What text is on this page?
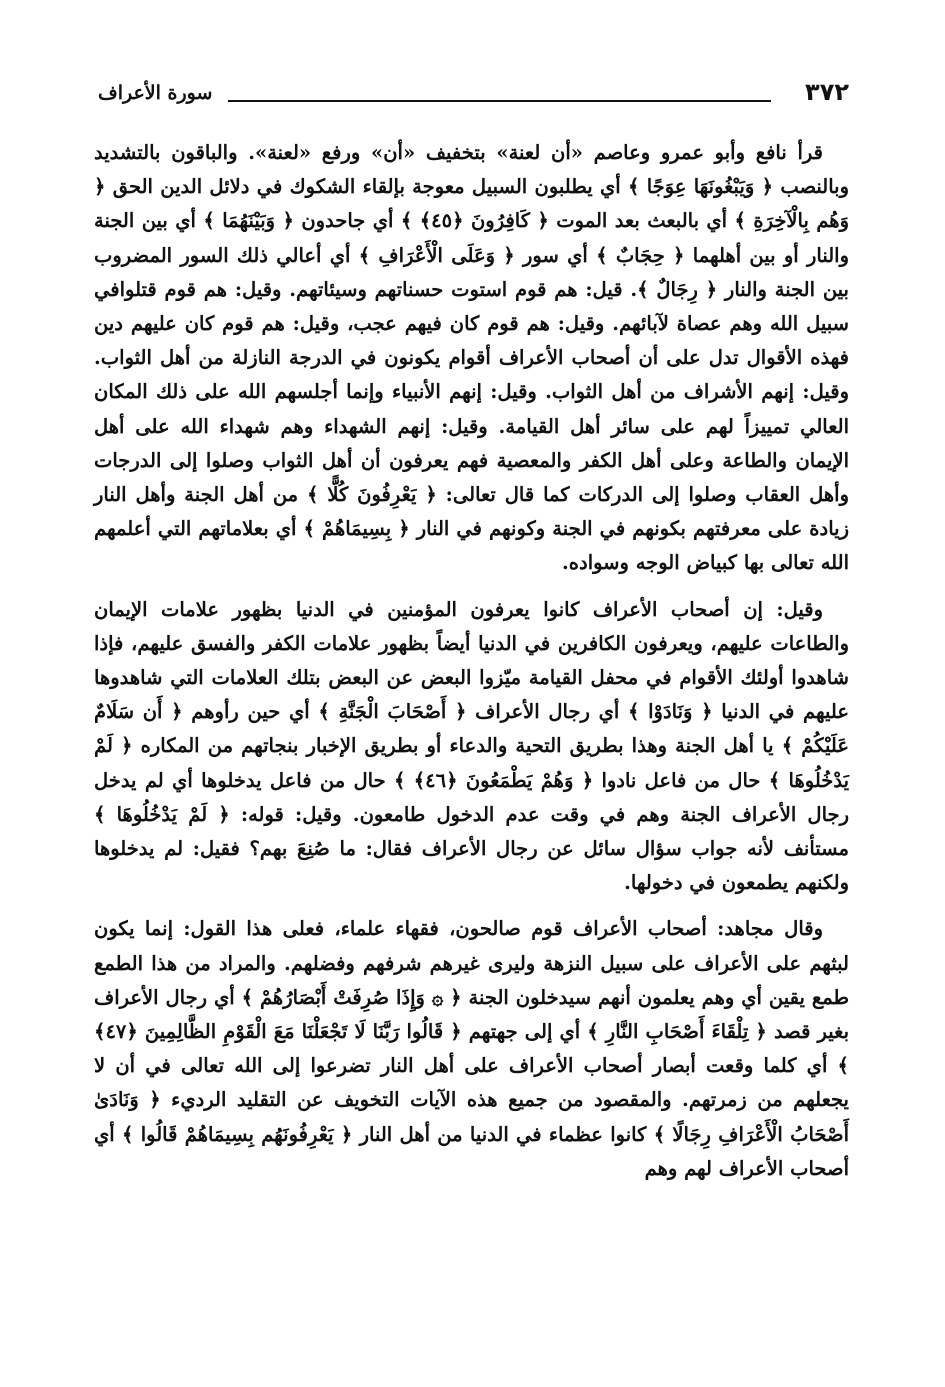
٣٧٢
سورة الأعراف

قرأ نافع وأبو عمرو وعاصم «أن لعنة» بتخفيف «أن» ورفع «لعنة». والباقون بالتشديد وبالنصب ﴿ وَيَبْغُونَهَا عِوَجًا ﴾ أي يطلبون السبيل معوجة بإلقاء الشكوك في دلائل الدين الحق ﴿ وَهُم بِالْآخِرَةِ ﴾ أي بالبعث بعد الموت ﴿ كَافِرُونَ ﴿٤٥﴾ ﴾ أي جاحدون ﴿ وَبَيْنَهُمَا ﴾ أي بين الجنة والنار أو بين أهلهما ﴿ حِجَابٌ ﴾ أي سور ﴿ وَعَلَى الْأَعْرَافِ ﴾ أي أعالي ذلك السور المضروب بين الجنة والنار ﴿ رِجَالٌ ﴾. قيل: هم قوم استوت حسناتهم وسيئاتهم. وقيل: هم قوم قتلوافي سبيل الله وهم عصاة لآبائهم. وقيل: هم قوم كان فيهم عجب، وقيل: هم قوم كان عليهم دين فهذه الأقوال تدل على أن أصحاب الأعراف أقوام يكونون في الدرجة النازلة من أهل الثواب. وقيل: إنهم الأشراف من أهل الثواب. وقيل: إنهم الأنبياء وإنما أجلسهم الله على ذلك المكان العالي تمييزاً لهم على سائر أهل القيامة. وقيل: إنهم الشهداء وهم شهداء الله على أهل الإيمان والطاعة وعلى أهل الكفر والمعصية فهم يعرفون أن أهل الثواب وصلوا إلى الدرجات وأهل العقاب وصلوا إلى الدركات كما قال تعالى: ﴿ يَعْرِفُونَ كُلًّا ﴾ من أهل الجنة وأهل النار زيادة على معرفتهم بكونهم في الجنة وكونهم في النار ﴿ بِسِيمَاهُمْ ﴾ أي بعلاماتهم التي أعلمهم الله تعالى بها كبياض الوجه وسواده.

وقيل: إن أصحاب الأعراف كانوا يعرفون المؤمنين في الدنيا بظهور علامات الإيمان والطاعات عليهم، ويعرفون الكافرين في الدنيا أيضاً بظهور علامات الكفر والفسق عليهم، فإذا شاهدوا أولئك الأقوام في محفل القيامة ميّزوا البعض عن البعض بتلك العلامات التي شاهدوها عليهم في الدنيا ﴿ وَنَادَوْا ﴾ أي رجال الأعراف ﴿ أَصْحَابَ الْجَنَّةِ ﴾ أي حين رأوهم ﴿ أَن سَلَامٌ عَلَيْكُمْ ﴾ يا أهل الجنة وهذا بطريق التحية والدعاء أو بطريق الإخبار بنجاتهم من المكاره ﴿ لَمْ يَدْخُلُوهَا ﴾ حال من فاعل نادوا ﴿ وَهُمْ يَطْمَعُونَ ﴿٤٦﴾ ﴾ حال من فاعل يدخلوها أي لم يدخل رجال الأعراف الجنة وهم في وقت عدم الدخول طامعون. وقيل: قوله: ﴿ لَمْ يَدْخُلُوهَا ﴾ مستأنف لأنه جواب سؤال سائل عن رجال الأعراف فقال: ما صُنِعَ بهم؟ فقيل: لم يدخلوها ولكنهم يطمعون في دخولها.

وقال مجاهد: أصحاب الأعراف قوم صالحون، فقهاء علماء، فعلى هذا القول: إنما يكون لبثهم على الأعراف على سبيل النزهة وليرى غيرهم شرفهم وفضلهم. والمراد من هذا الطمع طمع يقين أي وهم يعلمون أنهم سيدخلون الجنة ﴿ ۞ وَإِذَا صُرِفَتْ أَبْصَارُهُمْ ﴾ أي رجال الأعراف بغير قصد ﴿ تِلْقَاءَ أَصْحَابِ النَّارِ ﴾ أي إلى جهتهم ﴿ قَالُوا رَبَّنَا لَا تَجْعَلْنَا مَعَ الْقَوْمِ الظَّالِمِينَ ﴿٤٧﴾ ﴾ أي كلما وقعت أبصار أصحاب الأعراف على أهل النار تضرعوا إلى الله تعالى في أن لا يجعلهم من زمرتهم. والمقصود من جميع هذه الآيات التخويف عن التقليد الرديء ﴿ وَنَادَىٰ أَصْحَابُ الْأَعْرَافِ رِجَالًا ﴾ كانوا عظماء في الدنيا من أهل النار ﴿ يَعْرِفُونَهُم بِسِيمَاهُمْ قَالُوا ﴾ أي أصحاب الأعراف لهم وهم
